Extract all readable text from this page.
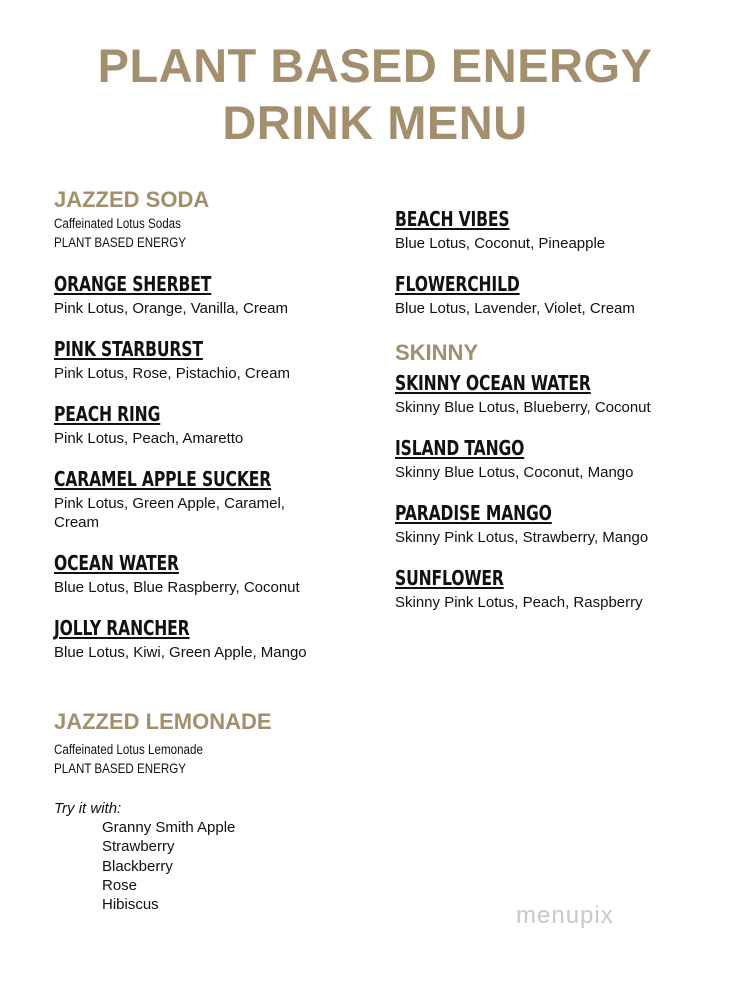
PLANT BASED ENERGY
DRINK MENU
JAZZED SODA
Caffeinated Lotus Sodas
PLANT BASED ENERGY
ORANGE SHERBET
Pink Lotus, Orange, Vanilla, Cream
PINK STARBURST
Pink Lotus, Rose, Pistachio, Cream
PEACH RING
Pink Lotus, Peach, Amaretto
CARAMEL APPLE SUCKER
Pink Lotus, Green Apple, Caramel,
Cream
OCEAN WATER
Blue Lotus, Blue Raspberry, Coconut
JOLLY RANCHER
Blue Lotus, Kiwi, Green Apple, Mango
BEACH VIBES
Blue Lotus, Coconut, Pineapple
FLOWERCHILD
Blue Lotus, Lavender, Violet, Cream
SKINNY
SKINNY OCEAN WATER
Skinny Blue Lotus, Blueberry, Coconut
ISLAND TANGO
Skinny Blue Lotus, Coconut, Mango
PARADISE MANGO
Skinny Pink Lotus, Strawberry, Mango
SUNFLOWER
Skinny Pink Lotus, Peach, Raspberry
JAZZED LEMONADE
Caffeinated Lotus Lemonade
PLANT BASED ENERGY
Try it with:
Granny Smith Apple
Strawberry
Blackberry
Rose
Hibiscus	menupix
